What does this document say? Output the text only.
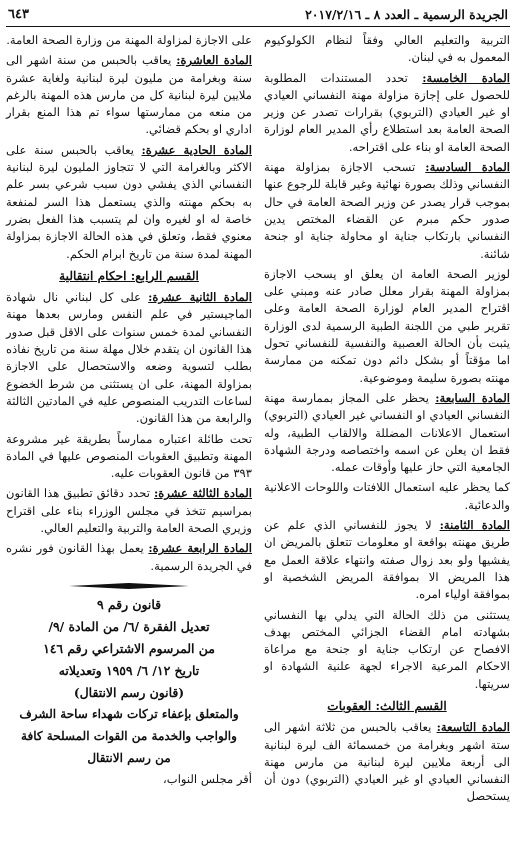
الجريدة الرسمية ـ العدد ٨ ـ ٢٠١٧/٢/١٦
٦٤٣

التربية والتعليم العالي وفقاً لنظام الكولوكيوم المعمول به في لبنان.

المادة الخامسة: تحدد المستندات المطلوبة للحصول على إجازة مزاولة مهنة النفساني العيادي او غير العيادي (التربوي) بقرارات تصدر عن وزير الصحة العامة بعد استطلاع رأي المدير العام لوزارة الصحة العامة او بناء على اقتراحه.

المادة السادسة: تسحب الاجازة بمزاولة مهنة النفساني وذلك بصورة نهائية وغير قابلة للرجوع عنها بموجب قرار يصدر عن وزير الصحة العامة في حال صدور حكم مبرم عن القضاء المختص يدين النفساني بارتكاب جناية او محاولة جناية او جنحة شائنة.

لوزير الصحة العامة ان يعلق او يسحب الاجازة بمزاولة المهنة بقرار معلل صادر عنه ومبني على اقتراح المدير العام لوزارة الصحة العامة وعلى تقرير طبي من اللجنة الطبية الرسمية لدى الوزارة يثبت بأن الحالة العصبية والنفسية للنفساني تحول اما مؤقتاً أو بشكل دائم دون تمكنه من ممارسة مهنته بصورة سليمة وموضوعية.

المادة السابعة: يحظر على المجاز بممارسة مهنة النفساني العيادي او النفساني غير العيادي (التربوي) استعمال الاعلانات المضللة والالقاب الطبية، وله فقط ان يعلن عن اسمه واختصاصه ودرجة الشهادة الجامعية التي حاز عليها وأوقات عمله.

كما يحظر عليه استعمال اللافتات واللوحات الاعلانية والدعائية.

المادة الثامنة: لا يجوز للنفساني الذي علم عن طريق مهنته بواقعة او معلومات تتعلق بالمريض ان يفشيها ولو بعد زوال صفته وانتهاء علاقة العمل مع هذا المريض الا بموافقة المريض الشخصية او بموافقة اولياء امره.

يستثنى من ذلك الحالة التي يدلي بها النفساني بشهادته امام القضاء الجزائي المختص بهدف الافصاح عن ارتكاب جناية او جنحة مع مراعاة الاحكام المرعية الاجراء لجهة علنية الشهادة او سريتها.

القسم الثالث: العقوبات

المادة التاسعة: يعاقب بالحبس من ثلاثة اشهر الى ستة اشهر وبغرامة من خمسمائة الف ليرة لبنانية الى أربعة ملايين ليرة لبنانية من مارس مهنة النفساني العيادي او غير العيادي (التربوي) دون أن يستحصل

على الاجازة لمزاولة المهنة من وزارة الصحة العامة.

المادة العاشرة: يعاقب بالحبس من سنة اشهر الى سنة وبغرامة من مليون ليرة لبنانية ولغاية عشرة ملايين ليرة لبنانية كل من مارس هذه المهنة بالرغم من منعه من ممارستها سواء تم هذا المنع بقرار اداري او بحكم قضائي.

المادة الحادية عشرة: يعاقب بالحبس سنة على الاكثر وبالغرامة التي لا تتجاوز المليون ليرة لبنانية النفساني الذي يفشي دون سبب شرعي بسر علم به بحكم مهنته والذي يستعمل هذا السر لمنفعة خاصة له او لغيره وان لم يتسبب هذا الفعل بضرر معنوي فقط، وتعلق في هذه الحالة الاجازة بمزاولة المهنة لمدة سنة من تاريخ ابرام الحكم.

القسم الرابع: احكام انتقالية

المادة الثانية عشرة: على كل لبناني نال شهادة الماجيستير في علم النفس ومارس بعدها مهنة النفساني لمدة خمس سنوات على الاقل قبل صدور هذا القانون ان يتقدم خلال مهلة سنة من تاريخ نفاذه بطلب لتسوية وضعه والاستحصال على الاجازة بمزاولة المهنة، على ان يستثنى من شرط الخضوع لساعات التدريب المنصوص عليه في المادتين الثالثة والرابعة من هذا القانون.

تحت طائلة اعتباره ممارساً بطريقة غير مشروعة المهنة وتطبيق العقوبات المنصوص عليها في المادة ٣٩٣ من قانون العقوبات عليه.

المادة الثالثة عشرة: تحدد دقائق تطبيق هذا القانون بمراسيم تتخذ في مجلس الوزراء بناء على اقتراح وزيري الصحة العامة والتربية والتعليم العالي.

المادة الرابعة عشرة: يعمل بهذا القانون فور نشره في الجريدة الرسمية.

قانون رقم ٩

تعديل الفقرة /٦/ من المادة /٩/

من المرسوم الاشتراعي رقم ١٤٦

تاريخ ١٢/ ٦/ ١٩٥٩ وتعديلاته

(قانون رسم الانتقال)

والمتعلق بإعفاء تركات شهداء ساحة الشرف

والواجب والخدمة من القوات المسلحة كافة

من رسم الانتقال

أقر مجلس النواب،
